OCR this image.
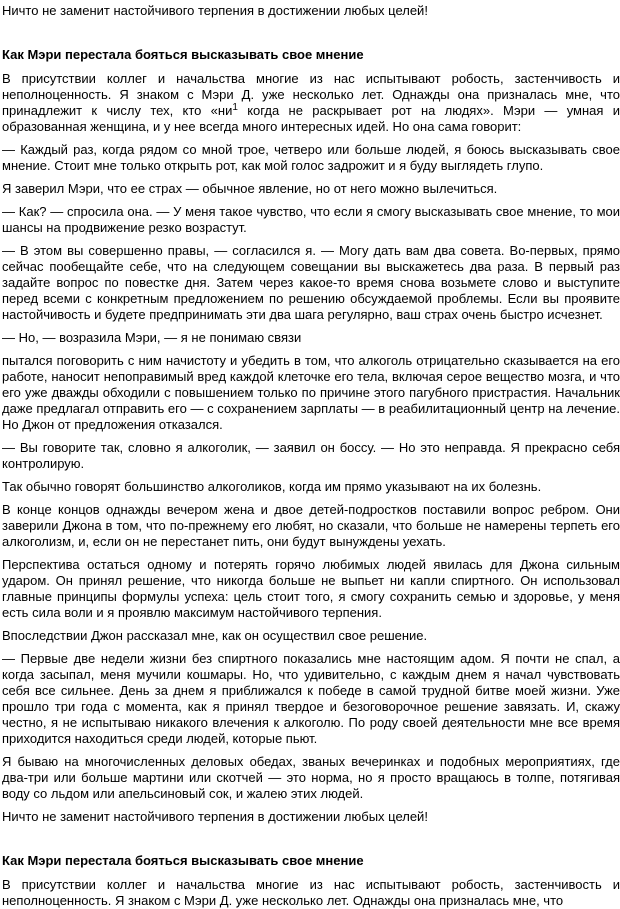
Ничто не заменит настойчивого терпения в достижении любых целей!
Как Мэри перестала бояться высказывать свое мнение
В присутствии коллег и начальства многие из нас испытывают робость, застенчивость и неполноценность. Я знаком с Мэри Д. уже несколько лет. Однажды она призналась мне, что принадлежит к числу тех, кто «$ни^1$ когда не раскрывает рот на людях». Мэри — умная и образованная женщина, и у нее всегда много интересных идей. Но она сама говорит:
— Каждый раз, когда рядом со мной трое, четверо или больше людей, я боюсь высказывать свое мнение. Стоит мне только открыть рот, как мой голос задрожит и я буду выглядеть глупо.
Я заверил Мэри, что ее страх — обычное явление, но от него можно вылечиться.
— Как? — спросила она. — У меня такое чувство, что если я смогу высказывать свое мнение, то мои шансы на продвижение резко возрастут.
— В этом вы совершенно правы, — согласился я. — Могу дать вам два совета. Во-первых, прямо сейчас пообещайте себе, что на следующем совещании вы выскажетесь два раза. В первый раз задайте вопрос по повестке дня. Затем через какое-то время снова возьмете слово и выступите перед всеми с конкретным предложением по решению обсуждаемой проблемы. Если вы проявите настойчивость и будете предпринимать эти два шага регулярно, ваш страх очень быстро исчезнет.
— Но, — возразила Мэри, — я не понимаю связи
пытался поговорить с ним начистоту и убедить в том, что алкоголь отрицательно сказывается на его работе, наносит непоправимый вред каждой клеточке его тела, включая серое вещество мозга, и что его уже дважды обходили с повышением только по причине этого пагубного пристрастия. Начальник даже предлагал отправить его — с сохранением зарплаты — в реабилитационный центр на лечение. Но Джон от предложения отказался.
— Вы говорите так, словно я алкоголик, — заявил он боссу. — Но это неправда. Я прекрасно себя контролирую.
Так обычно говорят большинство алкоголиков, когда им прямо указывают на их болезнь.
В конце концов однажды вечером жена и двое детей-подростков поставили вопрос ребром. Они заверили Джона в том, что по-прежнему его любят, но сказали, что больше не намерены терпеть его алкоголизм, и, если он не перестанет пить, они будут вынуждены уехать.
Перспектива остаться одному и потерять горячо любимых людей явилась для Джона сильным ударом. Он принял решение, что никогда больше не выпьет ни капли спиртного. Он использовал главные принципы формулы успеха: цель стоит того, я смогу сохранить семью и здоровье, у меня есть сила воли и я проявлю максимум настойчивого терпения.
Впоследствии Джон рассказал мне, как он осуществил свое решение.
— Первые две недели жизни без спиртного показались мне настоящим адом. Я почти не спал, а когда засыпал, меня мучили кошмары. Но, что удивительно, с каждым днем я начал чувствовать себя все сильнее. День за днем я приближался к победе в самой трудной битве моей жизни. Уже прошло три года с момента, как я принял твердое и безоговорочное решение завязать. И, скажу честно, я не испытываю никакого влечения к алкоголю. По роду своей деятельности мне все время приходится находиться среди людей, которые пьют.
Я бываю на многочисленных деловых обедах, званых вечеринках и подобных мероприятиях, где два-три или больше мартини или скотчей — это норма, но я просто вращаюсь в толпе, потягивая воду со льдом или апельсиновый сок, и жалею этих людей.
Ничто не заменит настойчивого терпения в достижении любых целей!
Как Мэри перестала бояться высказывать свое мнение
В присутствии коллег и начальства многие из нас испытывают робость, застенчивость и неполноценность. Я знаком с Мэри Д. уже несколько лет. Однажды она призналась мне, что
